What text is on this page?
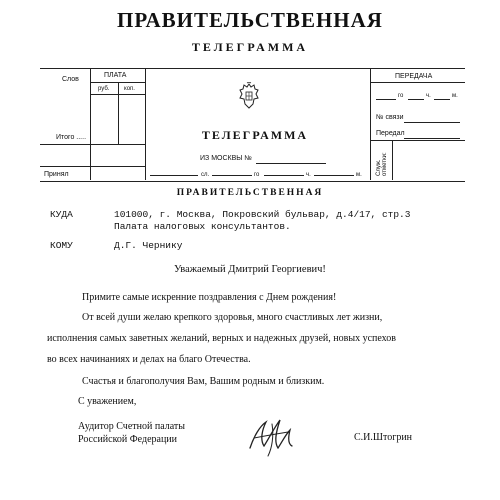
ПРАВИТЕЛЬСТВЕННАЯ
ТЕЛЕГРАММА
Слов
ПЛАТА
руб. коп.
Итого .....
Принял
ПЕРЕДАЧА
го	ч.	м.
№ связи
Передал
Служ. отметки:
ТЕЛЕГРАММА
ИЗ МОСКВЫ №
сл.	го	ч.	м.
ПРАВИТЕЛЬСТВЕННАЯ
КУДА	101000, г. Москва, Покровский бульвар, д.4/17, стр.3
Палата налоговых консультантов.
КОМУ	Д.Г. Чернику
Уважаемый Дмитрий Георгиевич!
Примите самые искренние поздравления с Днем рождения!
От всей души желаю крепкого здоровья, много счастливых лет жизни,
исполнения самых заветных желаний, верных и надежных друзей, новых успехов
во всех начинаниях и делах на благо Отечества.
Счастья и благополучия Вам, Вашим родным и близким.
С уважением,
Аудитор Счетной палаты
Российской Федерации	С.И.Штогрин
